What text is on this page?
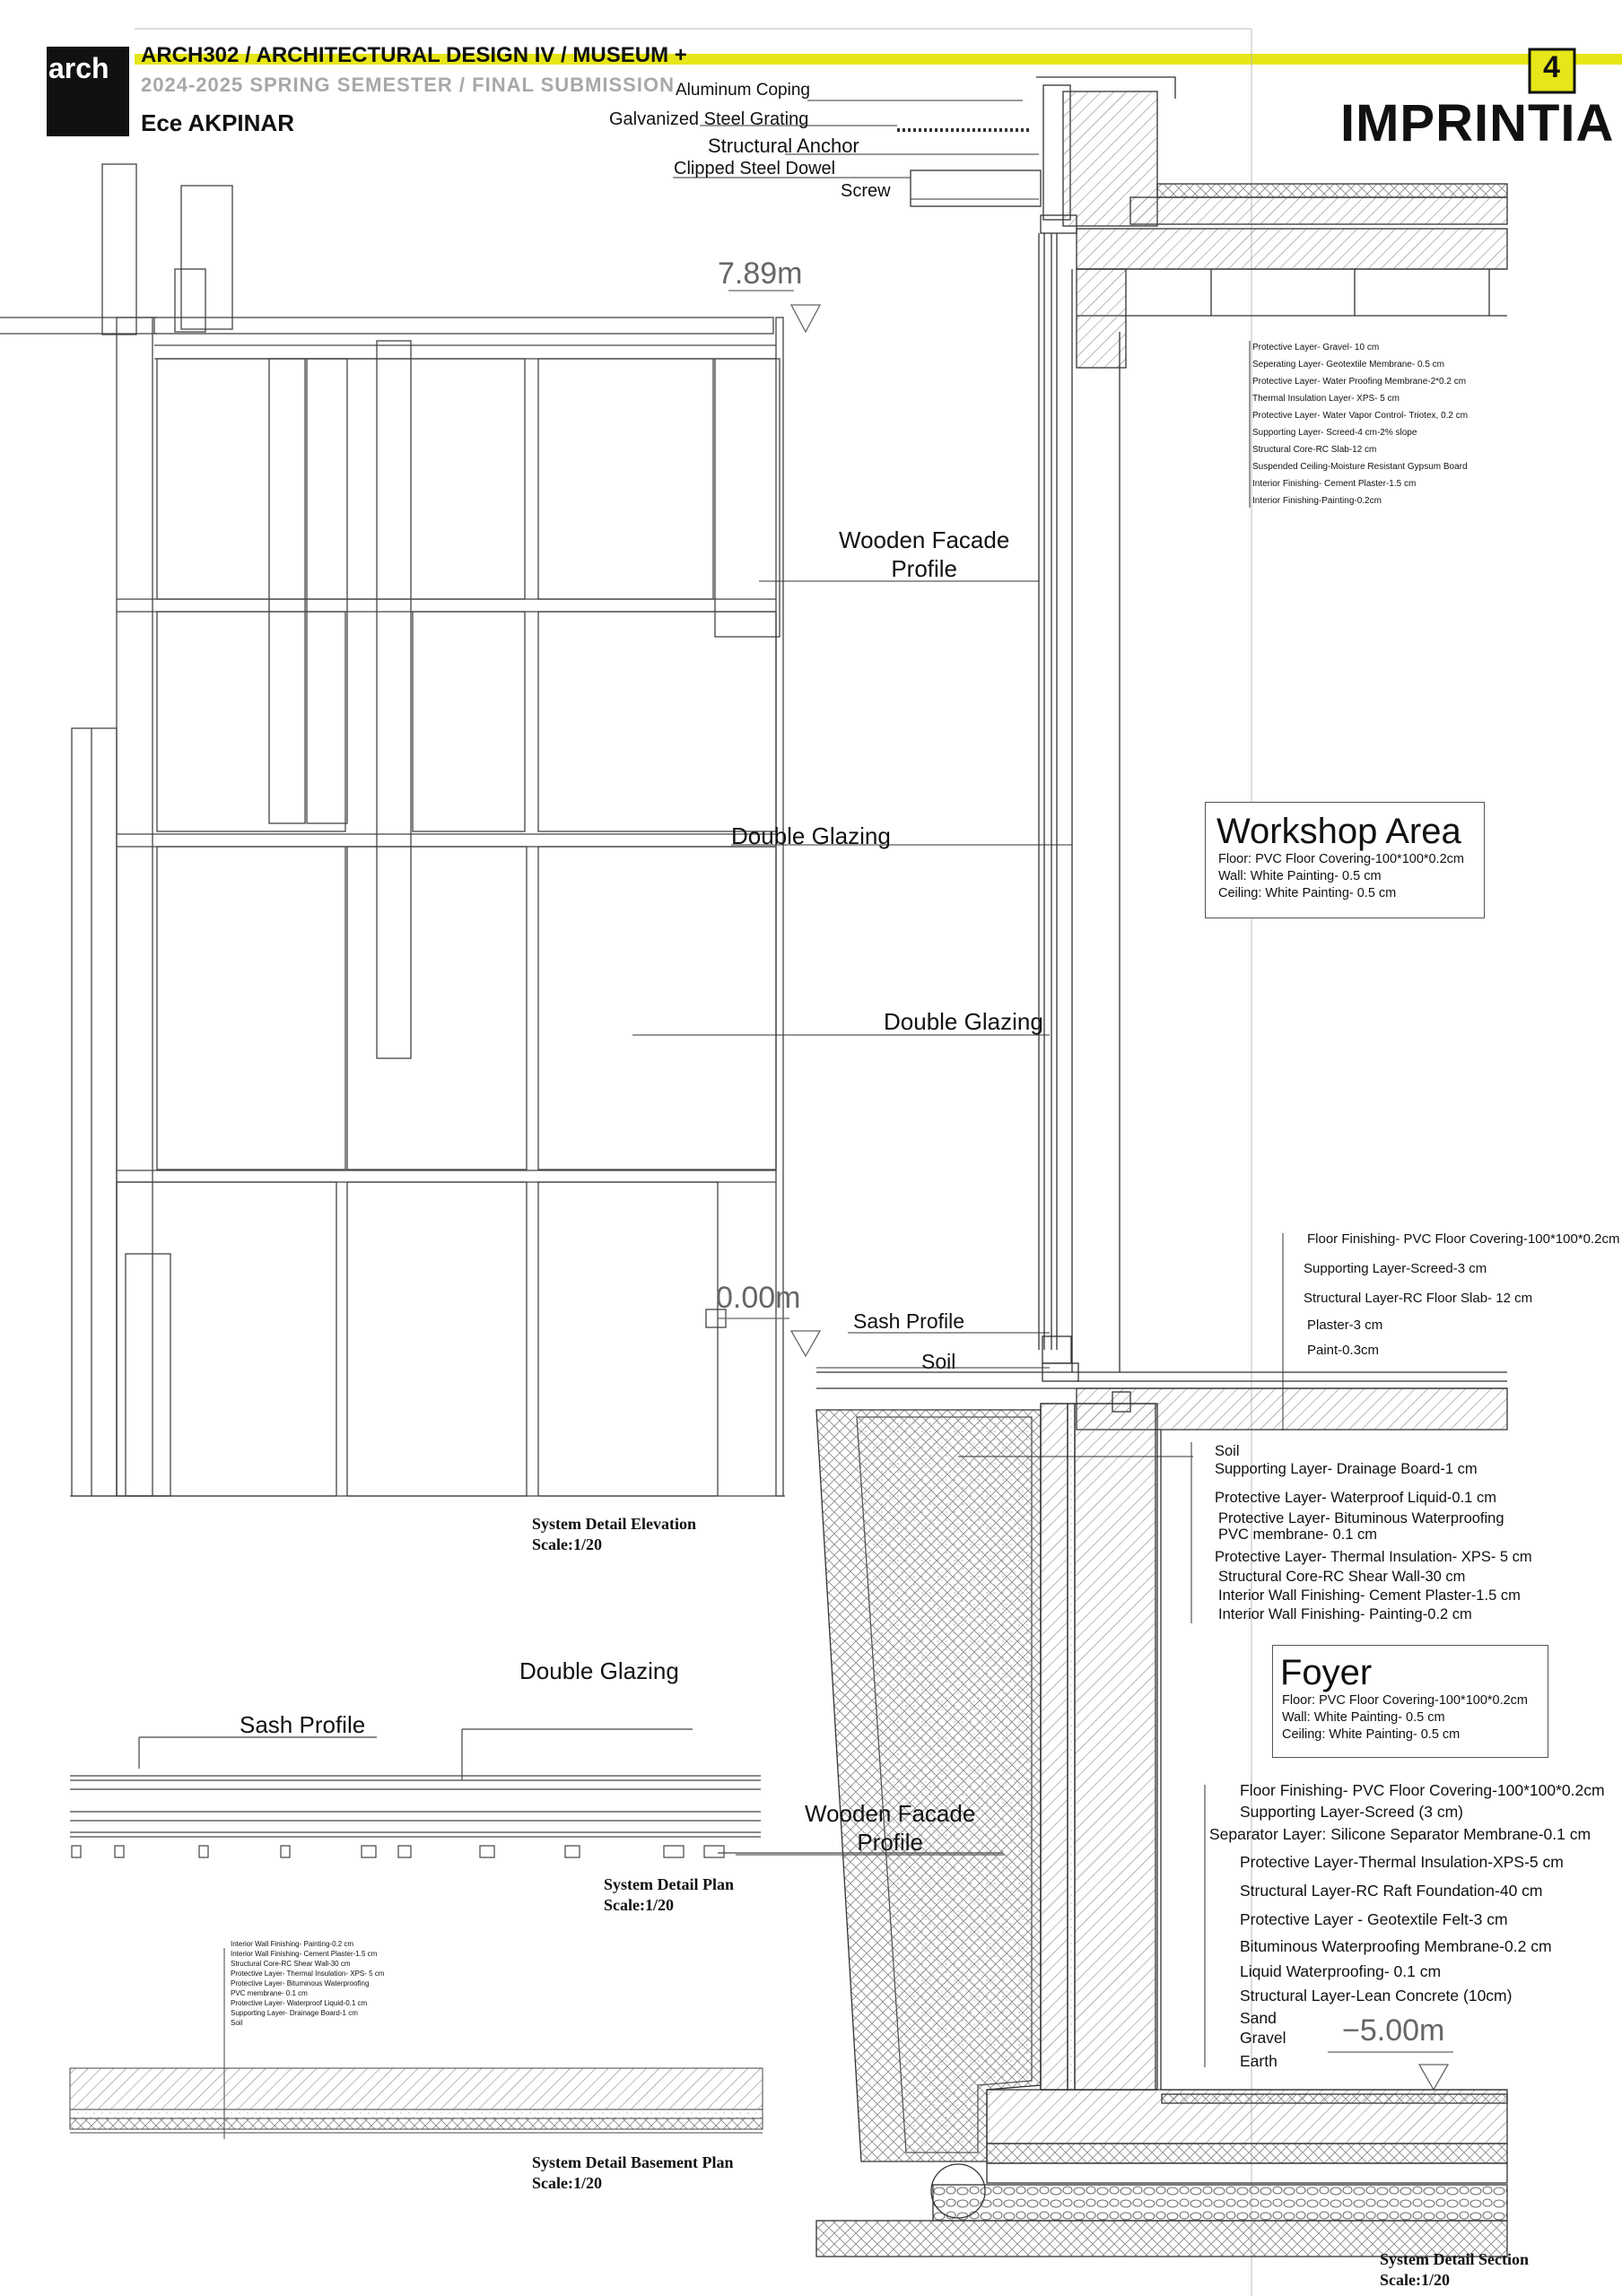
arch ARCH302 / ARCHITECTURAL DESIGN IV / MUSEUM +
2024-2025 SPRING SEMESTER / FINAL SUBMISSION
Ece AKPINAR
4
IMPRINTIA
Aluminum Coping
Galvanized Steel Grating
Structural Anchor
Clipped Steel Dowel
Screw
Protective Layer- Gravel- 10 cm
Seperating Layer- Geotextile Membrane- 0.5 cm
Protective Layer- Water Proofing Membrane-2*0.2 cm
Thermal Insulation Layer- XPS- 5 cm
Protective Layer- Water Vapor Control- Triotex, 0.2 cm
Supporting Layer- Screed-4 cm-2% slope
Structural Core-RC Slab-12 cm
Suspended Ceiling-Moisture Resistant Gypsum Board
Interior Finishing- Cement Plaster-1.5 cm
Interior Finishing-Painting-0.2cm
Wooden Facade
Profile
Double Glazing
Double Glazing
Sash Profile
Soil
7.89m
0.00m
−5.00m
Workshop Area
Floor: PVC Floor Covering-100*100*0.2cm
Wall: White Painting- 0.5 cm
Ceiling: White Painting- 0.5 cm
Floor Finishing- PVC Floor Covering-100*100*0.2cm
Supporting Layer-Screed-3 cm
Structural Layer-RC Floor Slab- 12 cm
Plaster-3 cm
Paint-0.3cm
Soil
Supporting Layer- Drainage Board-1 cm
Protective Layer- Waterproof Liquid-0.1 cm
Protective Layer- Bituminous Waterproofing
PVC membrane- 0.1 cm
Protective Layer- Thermal Insulation- XPS- 5 cm
Structural Core-RC Shear Wall-30 cm
Interior Wall Finishing- Cement Plaster-1.5 cm
Interior Wall Finishing- Painting-0.2 cm
Foyer
Floor: PVC Floor Covering-100*100*0.2cm
Wall: White Painting- 0.5 cm
Ceiling: White Painting- 0.5 cm
Floor Finishing- PVC Floor Covering-100*100*0.2cm
Supporting Layer-Screed (3 cm)
Separator Layer: Silicone Separator Membrane-0.1 cm
Protective Layer-Thermal Insulation-XPS-5 cm
Structural Layer-RC Raft Foundation-40 cm
Protective Layer - Geotextile Felt-3 cm
Bituminous Waterproofing Membrane-0.2 cm
Liquid Waterproofing- 0.1 cm
Structural Layer-Lean Concrete (10cm)
Sand
Gravel
Earth
Double Glazing
Sash Profile
Wooden Facade
Profile
Interior Wall Finishing- Painting-0.2 cm
Interior Wall Finishing- Cement Plaster-1.5 cm
Structural Core-RC Shear Wall-30 cm
Protective Layer- Thermal Insulation- XPS- 5 cm
Protective Layer- Bituminous Waterproofing
PVC membrane- 0.1 cm
Protective Layer- Waterproof Liquid-0.1 cm
Supporting Layer- Drainage Board-1 cm
Soil
System Detail Elevation
Scale:1/20
System Detail Plan
Scale:1/20
System Detail Basement Plan
Scale:1/20
System Detail Section
Scale:1/20
